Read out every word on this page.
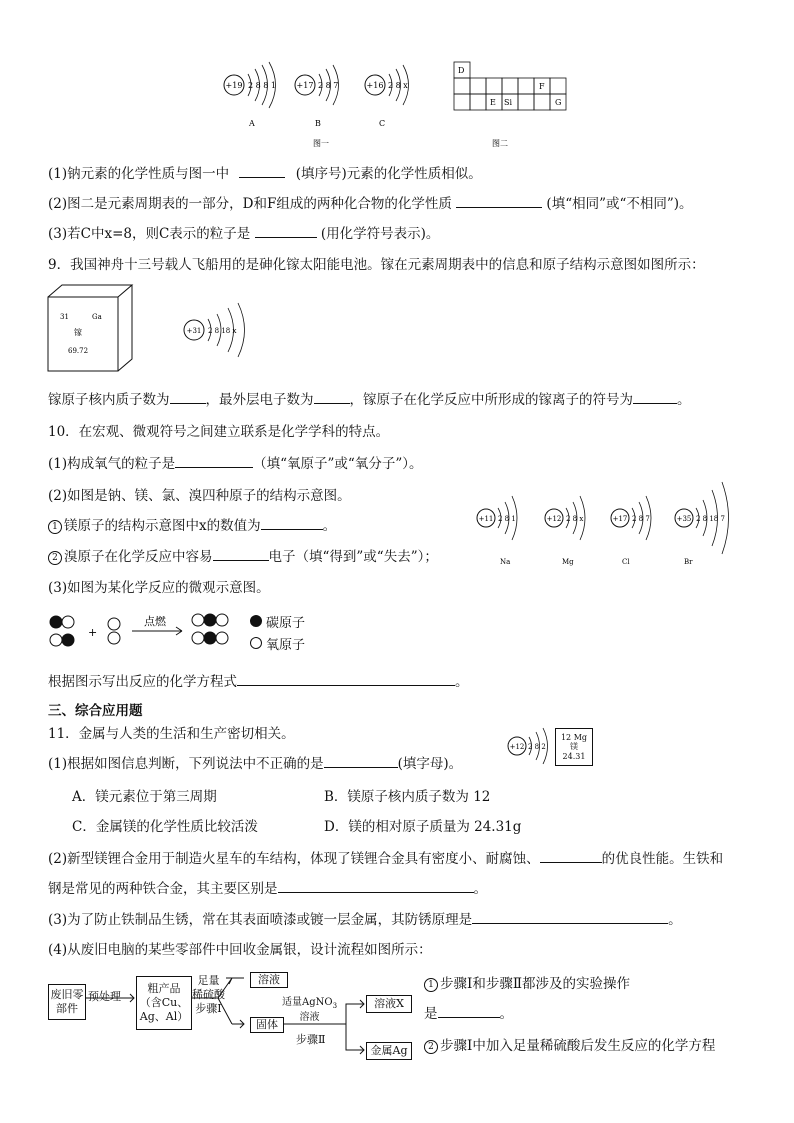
+19 2 8 8 1
A
+17 2 8 7
B
+16 2 8 x
C
图一
D
F
E Si	G
图二
(1)钠元素的化学性质与图一中	(填序号)元素的化学性质相似。
(2)图二是元素周期表的一部分，D和F组成的两种化合物的化学性质	(填“相同”或“不相同”)。
(3)若C中x=8，则C表示的粒子是	(用化学符号表示)。
9．我国神舟十三号载人飞船用的是砷化镓太阳能电池。镓在元素周期表中的信息和原子结构示意图如图所示：
31	Ga
镓
69.72
+31 2 8 18 x
镓原子核内质子数为	，最外层电子数为	，镓原子在化学反应中所形成的镓离子的符号为	。
10．在宏观、微观符号之间建立联系是化学学科的特点。
(1)构成氧气的粒子是	（填“氧原子”或“氧分子”）。
(2)如图是钠、镁、氯、溴四种原子的结构示意图。
1 镁原子的结构示意图中x的数值为	。
2 溴原子在化学反应中容易	电子（填“得到”或“失去”）；
+11 2 8 1
Na
+12 2 8 x
Mg
+17 2 8 7
Cl
+35 2 8 18 7
Br
(3)如图为某化学反应的微观示意图。
+
点燃	碳原子
氧原子
根据图示写出反应的化学方程式	。
三、综合应用题
11．金属与人类的生活和生产密切相关。
+12 2 8 2
12 Mg
镁
24.31
(1)根据如图信息判断，下列说法中不正确的是	(填字母)。
A．镁元素位于第三周期	B．镁原子核内质子数为 12
C．金属镁的化学性质比较活泼	D．镁的相对原子质量为 24.31g
(2)新型镁锂合金用于制造火星车的车结构，体现了镁锂合金具有密度小、耐腐蚀、	的优良性能。生铁和
钢是常见的两种铁合金，其主要区别是	。
(3)为了防止铁制品生锈，常在其表面喷漆或镀一层金属，其防锈原理是	。
(4)从废旧电脑的某些零部件中回收金属银，设计流程如图所示：
废旧零部件
预处理
粗产品
（含Cu、
Ag、Al）
足量
稀硫酸
步骤Ⅰ
溶液
固体
适量AgNO$_3$
溶液
步骤Ⅱ
溶液X
金属Ag
1 步骤Ⅰ和步骤Ⅱ都涉及的实验操作
是	。
2 步骤Ⅰ中加入足量稀硫酸后发生反应的化学方程
